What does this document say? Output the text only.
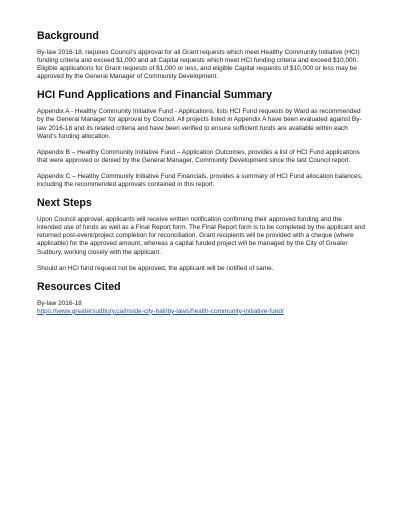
Background

By-law 2016-18, requires Council’s approval for all Grant requests which meet Healthy Community Initiative (HCI) funding criteria and exceed $1,000 and all Capital requests which meet HCI funding criteria and exceed $10,000. Eligible applications for Grant requests of $1,000 or less, and eligible Capital requests of $10,000 or less may be approved by the General Manager of Community Development.

HCI Fund Applications and Financial Summary

Appendix A - Healthy Community Initiative Fund - Applications, lists HCI Fund requests by Ward as recommended by the General Manager for approval by Council. All projects listed in Appendix A have been evaluated against By-law 2016-18 and its related criteria and have been verified to ensure sufficient funds are available within each Ward’s funding allocation.

Appendix B – Healthy Community Initiative Fund – Application Outcomes, provides a list of HCI Fund applications that were approved or denied by the General Manager, Community Development since the last Council report.

Appendix C – Healthy Community Initiative Fund Financials, provides a summary of HCI Fund allocation balances, including the recommended approvals contained in this report.

Next Steps

Upon Council approval, applicants will receive written notification confirming their approved funding and the intended use of funds as well as a Final Report form. The Final Report form is to be completed by the applicant and returned post-event/project completion for reconciliation. Grant recipients will be provided with a cheque (where applicable) for the approved amount, whereas a capital funded project will be managed by the City of Greater Sudbury, working closely with the applicant.

Should an HCI fund request not be approved, the applicant will be notified of same.

Resources Cited

By-law 2016-18

https://www.greatersudbury.ca/inside-city-hall/by-laws/health-community-initiative-fund/
